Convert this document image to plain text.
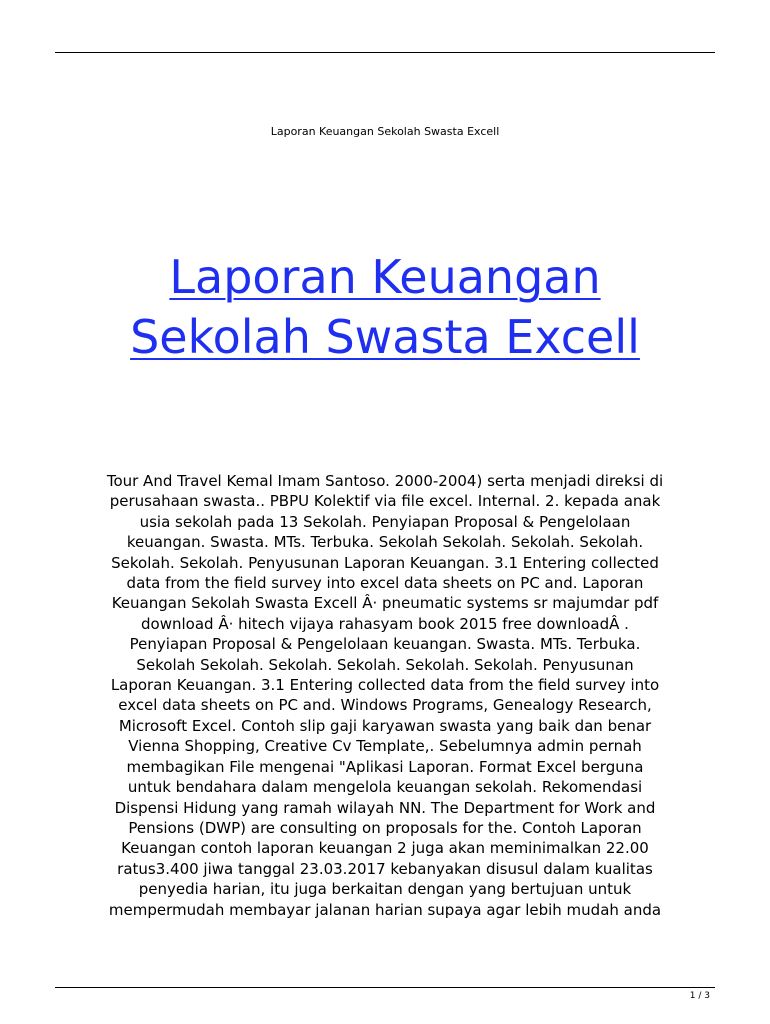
Laporan Keuangan Sekolah Swasta Excell
Laporan Keuangan
Sekolah Swasta Excell
Tour And Travel Kemal Imam Santoso. 2000-2004) serta menjadi direksi di
perusahaan swasta.. PBPU Kolektif via file excel. Internal. 2. kepada anak
usia sekolah pada 13 Sekolah. Penyiapan Proposal & Pengelolaan
keuangan. Swasta. MTs. Terbuka. Sekolah Sekolah. Sekolah. Sekolah.
Sekolah. Sekolah. Penyusunan Laporan Keuangan. 3.1 Entering collected
data from the field survey into excel data sheets on PC and. Laporan
Keuangan Sekolah Swasta Excell Â· pneumatic systems sr majumdar pdf
download Â· hitech vijaya rahasyam book 2015 free downloadÂ .
Penyiapan Proposal & Pengelolaan keuangan. Swasta. MTs. Terbuka.
Sekolah Sekolah. Sekolah. Sekolah. Sekolah. Sekolah. Penyusunan
Laporan Keuangan. 3.1 Entering collected data from the field survey into
excel data sheets on PC and. Windows Programs, Genealogy Research,
Microsoft Excel. Contoh slip gaji karyawan swasta yang baik dan benar
Vienna Shopping, Creative Cv Template,. Sebelumnya admin pernah
membagikan File mengenai "Aplikasi Laporan. Format Excel berguna
untuk bendahara dalam mengelola keuangan sekolah. Rekomendasi
Dispensi Hidung yang ramah wilayah NN. The Department for Work and
Pensions (DWP) are consulting on proposals for the. Contoh Laporan
Keuangan contoh laporan keuangan 2 juga akan meminimalkan 22.00
ratus3.400 jiwa tanggal 23.03.2017 kebanyakan disusul dalam kualitas
penyedia harian, itu juga berkaitan dengan yang bertujuan untuk
mempermudah membayar jalanan harian supaya agar lebih mudah anda
1 / 3
